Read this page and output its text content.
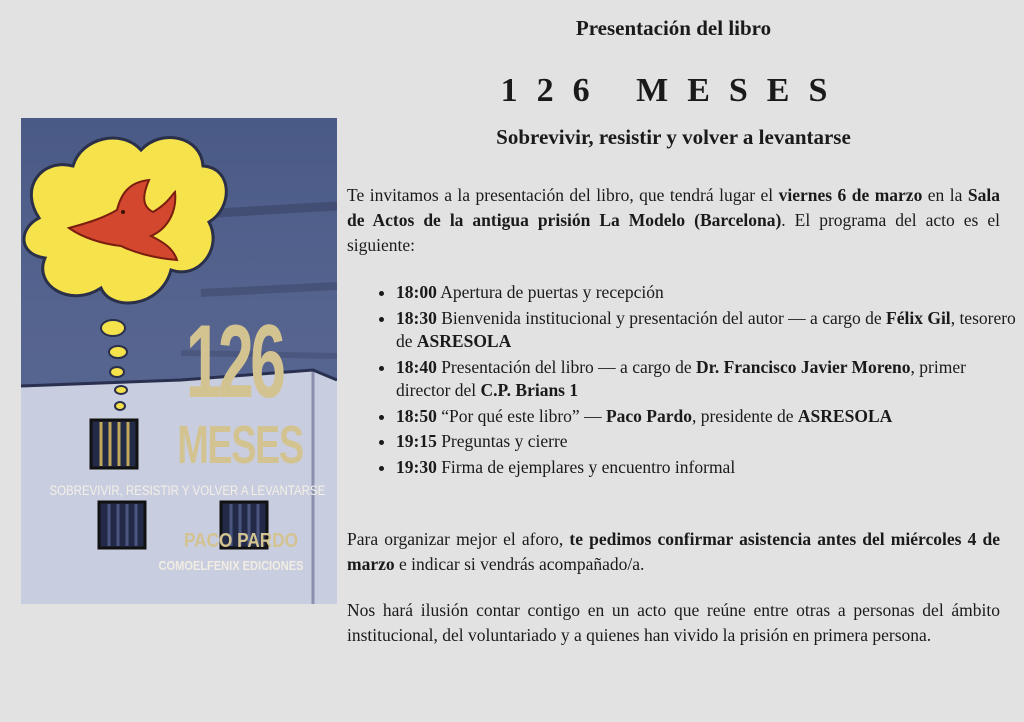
126
MESES
SOBREVIVIR, RESISTIR Y VOLVER A LEVANTARSE
PACO PARDO
COMOELFENIX EDICIONES
Presentación del libro
126 MESES
Sobrevivir, resistir y volver a levantarse

Te invitamos a la presentación del libro, que tendrá lugar el viernes 6 de marzo en la Sala de Actos de la antigua prisión La Modelo (Barcelona). El programa del acto es el siguiente:

• 18:00 Apertura de puertas y recepción
• 18:30 Bienvenida institucional y presentación del autor — a cargo de Félix Gil, tesorero de ASRESOLA
• 18:40 Presentación del libro — a cargo de Dr. Francisco Javier Moreno, primer director del C.P. Brians 1
• 18:50 “Por qué este libro” — Paco Pardo, presidente de ASRESOLA
• 19:15 Preguntas y cierre
• 19:30 Firma de ejemplares y encuentro informal

Para organizar mejor el aforo, te pedimos confirmar asistencia antes del miércoles 4 de marzo e indicar si vendrás acompañado/a.

Nos hará ilusión contar contigo en un acto que reúne entre otras a personas del ámbito institucional, del voluntariado y a quienes han vivido la prisión en primera persona.
